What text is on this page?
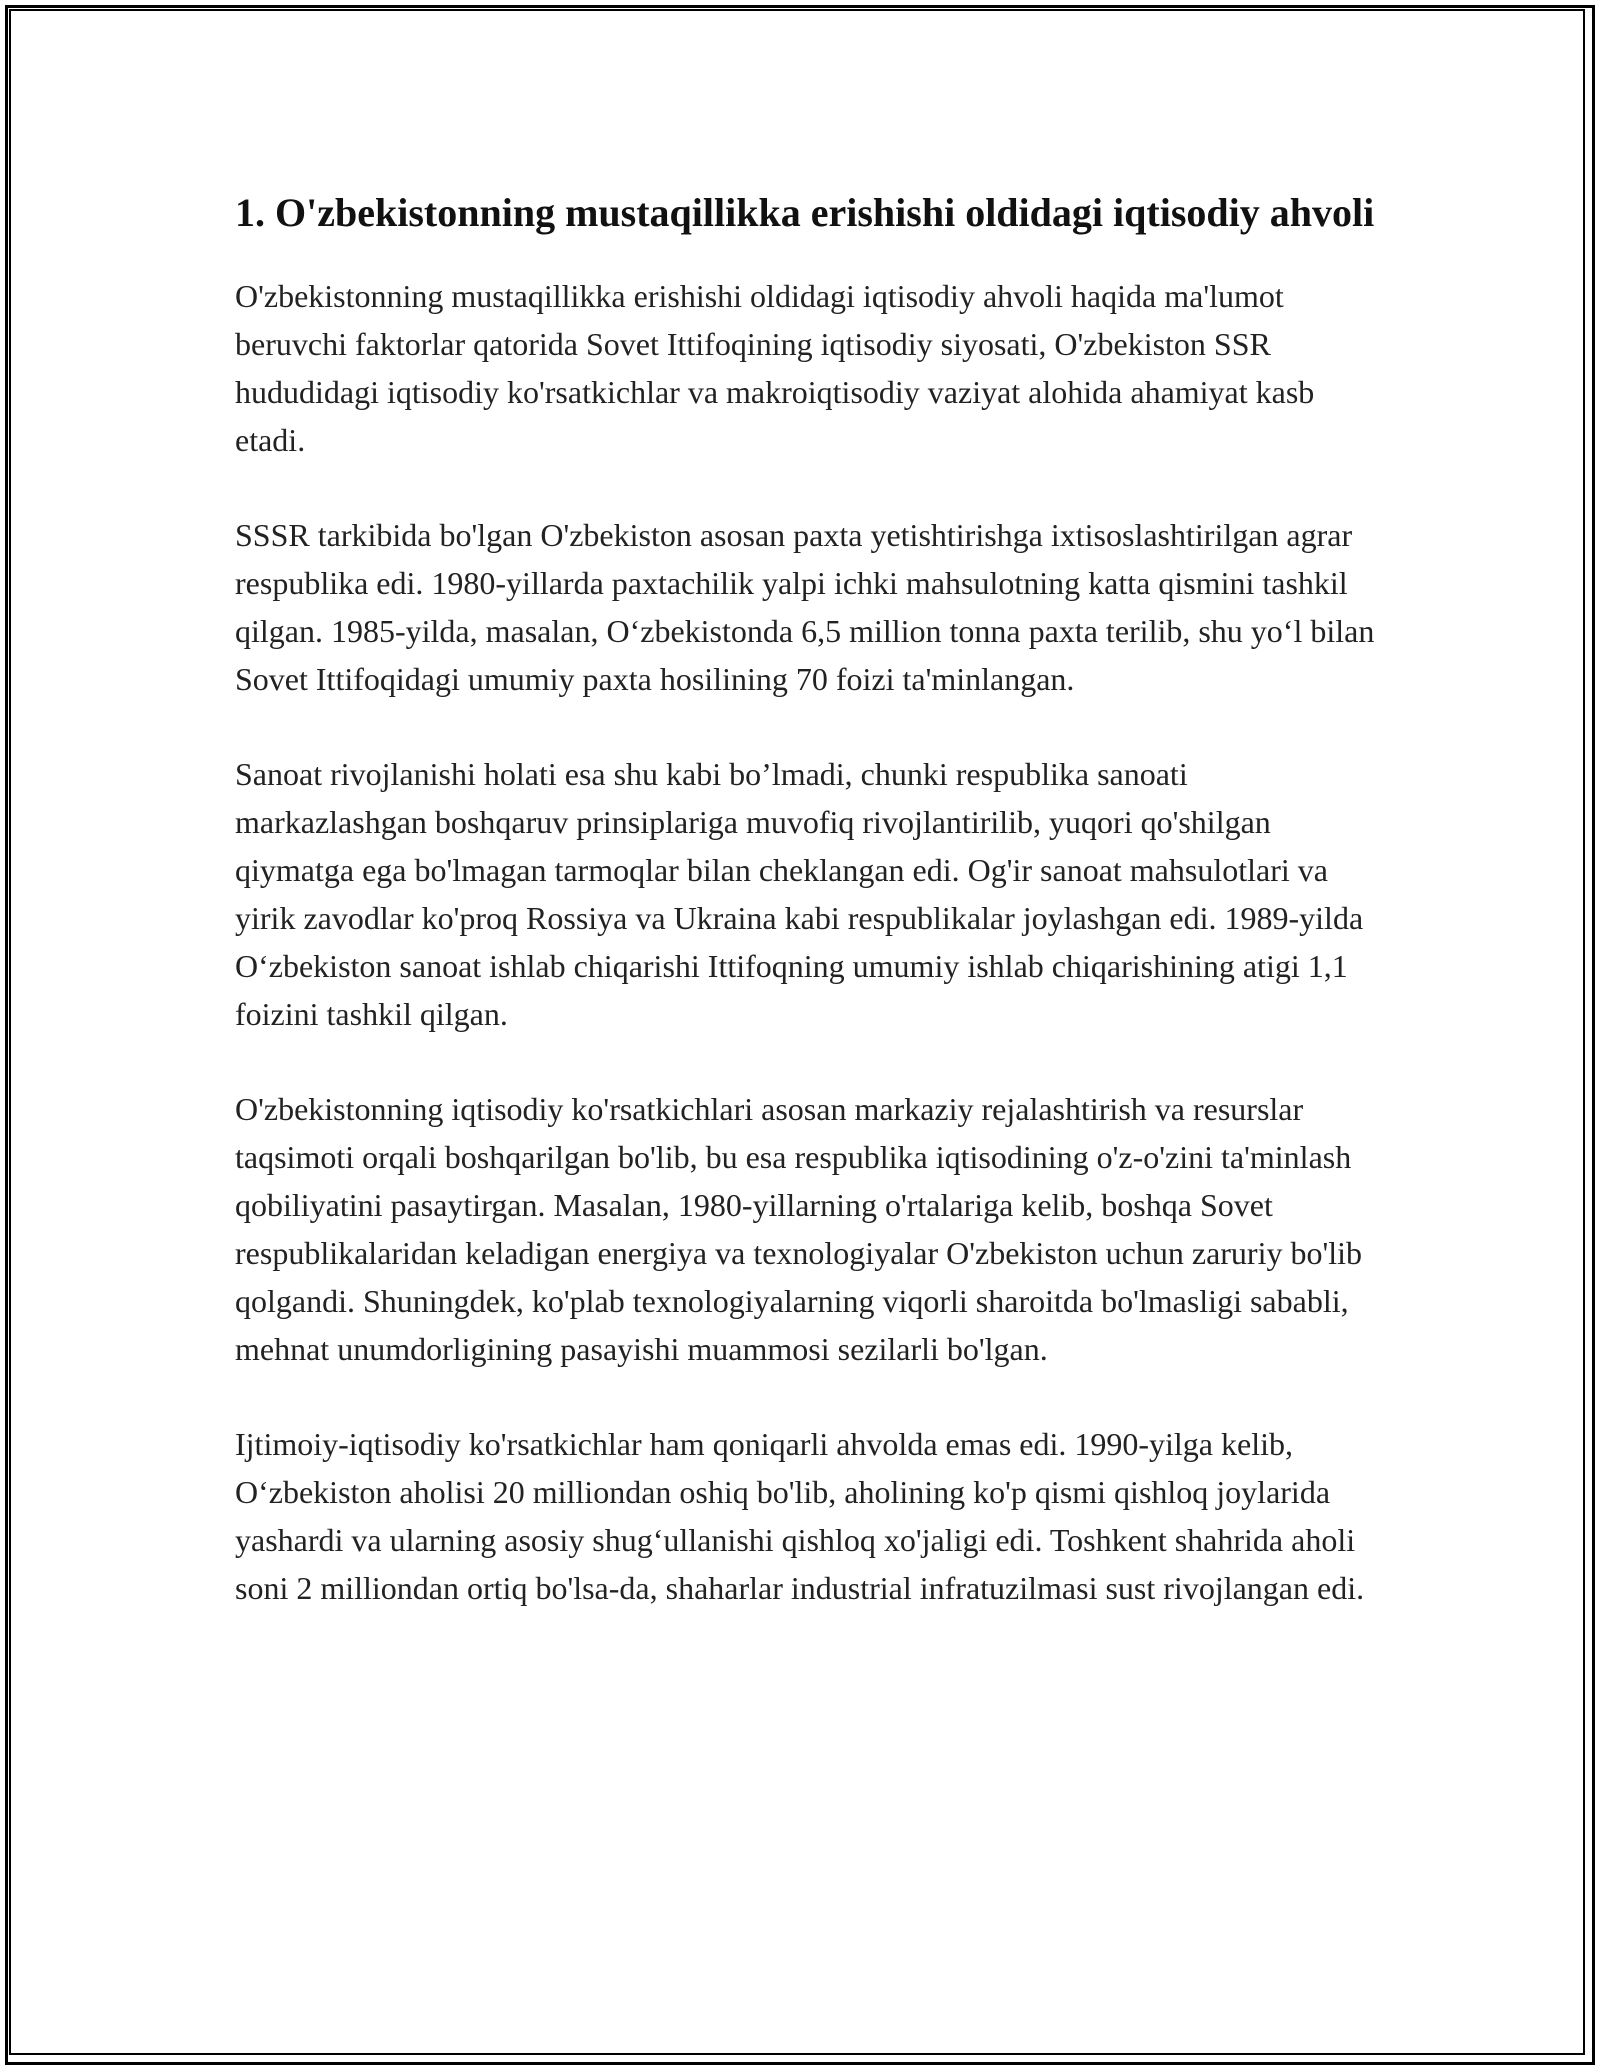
1. O'zbekistonning mustaqillikka erishishi oldidagi iqtisodiy ahvoli

O'zbekistonning mustaqillikka erishishi oldidagi iqtisodiy ahvoli haqida ma'lumot beruvchi faktorlar qatorida Sovet Ittifoqining iqtisodiy siyosati, O'zbekiston SSR hududidagi iqtisodiy ko'rsatkichlar va makroiqtisodiy vaziyat alohida ahamiyat kasb etadi.

SSSR tarkibida bo'lgan O'zbekiston asosan paxta yetishtirishga ixtisoslashtirilgan agrar respublika edi. 1980-yillarda paxtachilik yalpi ichki mahsulotning katta qismini tashkil qilgan. 1985-yilda, masalan, O‘zbekistonda 6,5 million tonna paxta terilib, shu yo‘l bilan Sovet Ittifoqidagi umumiy paxta hosilining 70 foizi ta'minlangan.

Sanoat rivojlanishi holati esa shu kabi bo’lmadi, chunki respublika sanoati markazlashgan boshqaruv prinsiplariga muvofiq rivojlantirilib, yuqori qo'shilgan qiymatga ega bo'lmagan tarmoqlar bilan cheklangan edi. Og'ir sanoat mahsulotlari va yirik zavodlar ko'proq Rossiya va Ukraina kabi respublikalar joylashgan edi. 1989-yilda O‘zbekiston sanoat ishlab chiqarishi Ittifoqning umumiy ishlab chiqarishining atigi 1,1 foizini tashkil qilgan.

O'zbekistonning iqtisodiy ko'rsatkichlari asosan markaziy rejalashtirish va resurslar taqsimoti orqali boshqarilgan bo'lib, bu esa respublika iqtisodining o'z-o'zini ta'minlash qobiliyatini pasaytirgan. Masalan, 1980-yillarning o'rtalariga kelib, boshqa Sovet respublikalaridan keladigan energiya va texnologiyalar O'zbekiston uchun zaruriy bo'lib qolgandi. Shuningdek, ko'plab texnologiyalarning viqorli sharoitda bo'lmasligi sababli, mehnat unumdorligining pasayishi muammosi sezilarli bo'lgan.

Ijtimoiy-iqtisodiy ko'rsatkichlar ham qoniqarli ahvolda emas edi. 1990-yilga kelib, O‘zbekiston aholisi 20 milliondan oshiq bo'lib, aholining ko'p qismi qishloq joylarida yashardi va ularning asosiy shug‘ullanishi qishloq xo'jaligi edi. Toshkent shahrida aholi soni 2 milliondan ortiq bo'lsa-da, shaharlar industrial infratuzilmasi sust rivojlangan edi.
